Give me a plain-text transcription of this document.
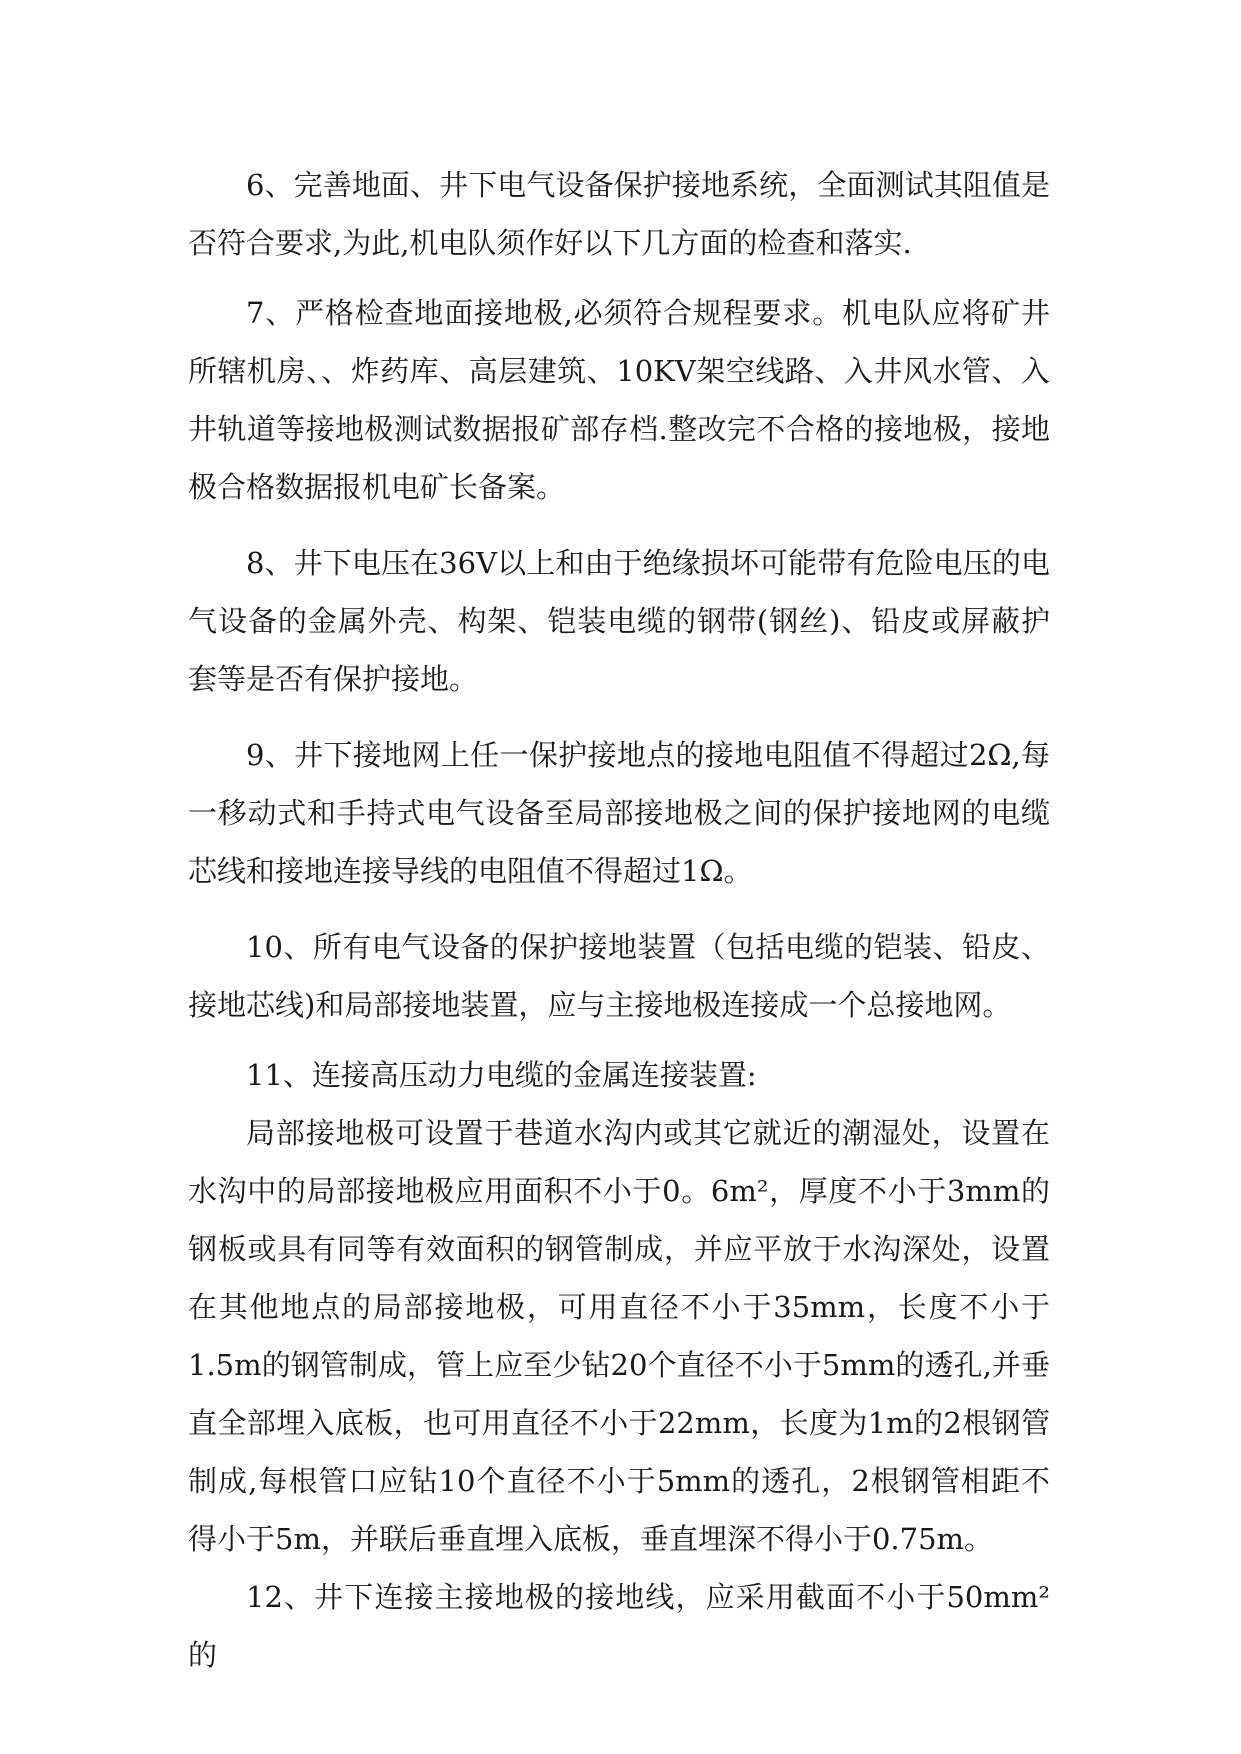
6、完善地面、井下电气设备保护接地系统，全面测试其阻值是否符合要求,为此,机电队须作好以下几方面的检查和落实.

7、严格检查地面接地极,必须符合规程要求。机电队应将矿井所辖机房、、炸药库、高层建筑、10KV架空线路、入井风水管、入井轨道等接地极测试数据报矿部存档.整改完不合格的接地极，接地极合格数据报机电矿长备案。

8、井下电压在36V以上和由于绝缘损坏可能带有危险电压的电气设备的金属外壳、构架、铠装电缆的钢带(钢丝)、铅皮或屏蔽护套等是否有保护接地。

9、井下接地网上任一保护接地点的接地电阻值不得超过2Ω,每一移动式和手持式电气设备至局部接地极之间的保护接地网的电缆芯线和接地连接导线的电阻值不得超过1Ω。

10、所有电气设备的保护接地装置（包括电缆的铠装、铅皮、接地芯线)和局部接地装置，应与主接地极连接成一个总接地网。

11、连接高压动力电缆的金属连接装置:

局部接地极可设置于巷道水沟内或其它就近的潮湿处，设置在水沟中的局部接地极应用面积不小于0。6m²，厚度不小于3mm的钢板或具有同等有效面积的钢管制成，并应平放于水沟深处，设置在其他地点的局部接地极，可用直径不小于35mm，长度不小于1.5m的钢管制成，管上应至少钻20个直径不小于5mm的透孔,并垂直全部埋入底板，也可用直径不小于22mm，长度为1m的2根钢管制成,每根管口应钻10个直径不小于5mm的透孔，2根钢管相距不得小于5m，并联后垂直埋入底板，垂直埋深不得小于0.75m。

12、井下连接主接地极的接地线，应采用截面不小于50mm²的
